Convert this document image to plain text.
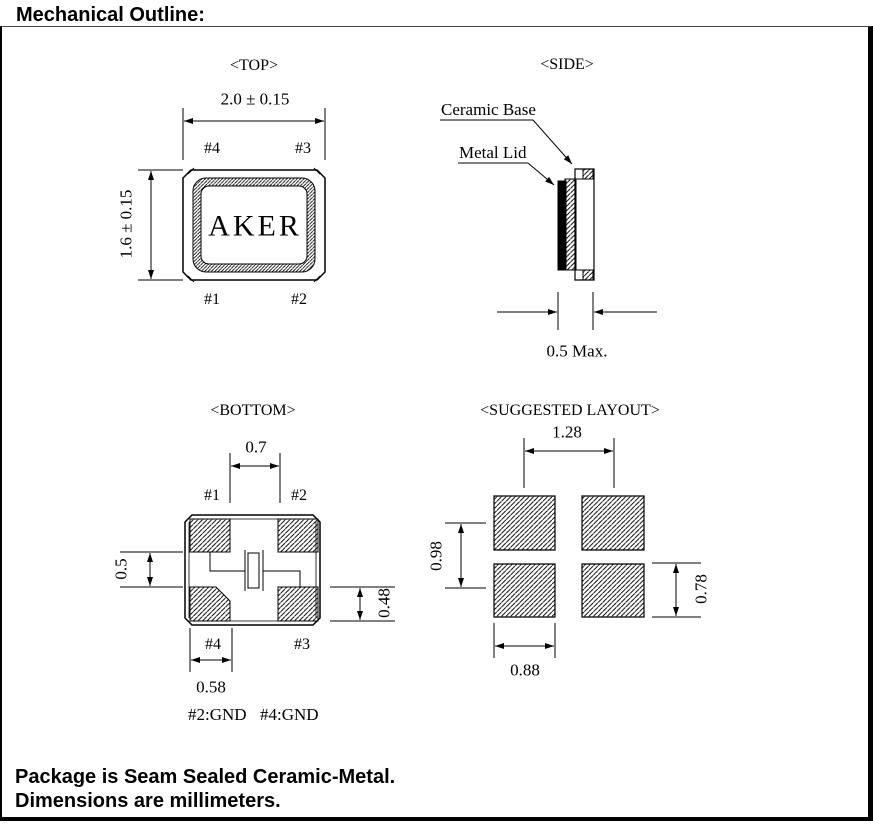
Mechanical Outline:
<TOP>
2.0 ± 0.15
#4	#3
AKER
1.6 ± 0.15
#1	#2
<SIDE>
Ceramic Base
Metal Lid
0.5 Max.
<BOTTOM>
0.7
#1	#2
0.5
0.48
#4	#3
0.58
#2:GND #4:GND
<SUGGESTED LAYOUT>
1.28
0.98
0.78
0.88
Package is Seam Sealed Ceramic-Metal.
Dimensions are millimeters.
